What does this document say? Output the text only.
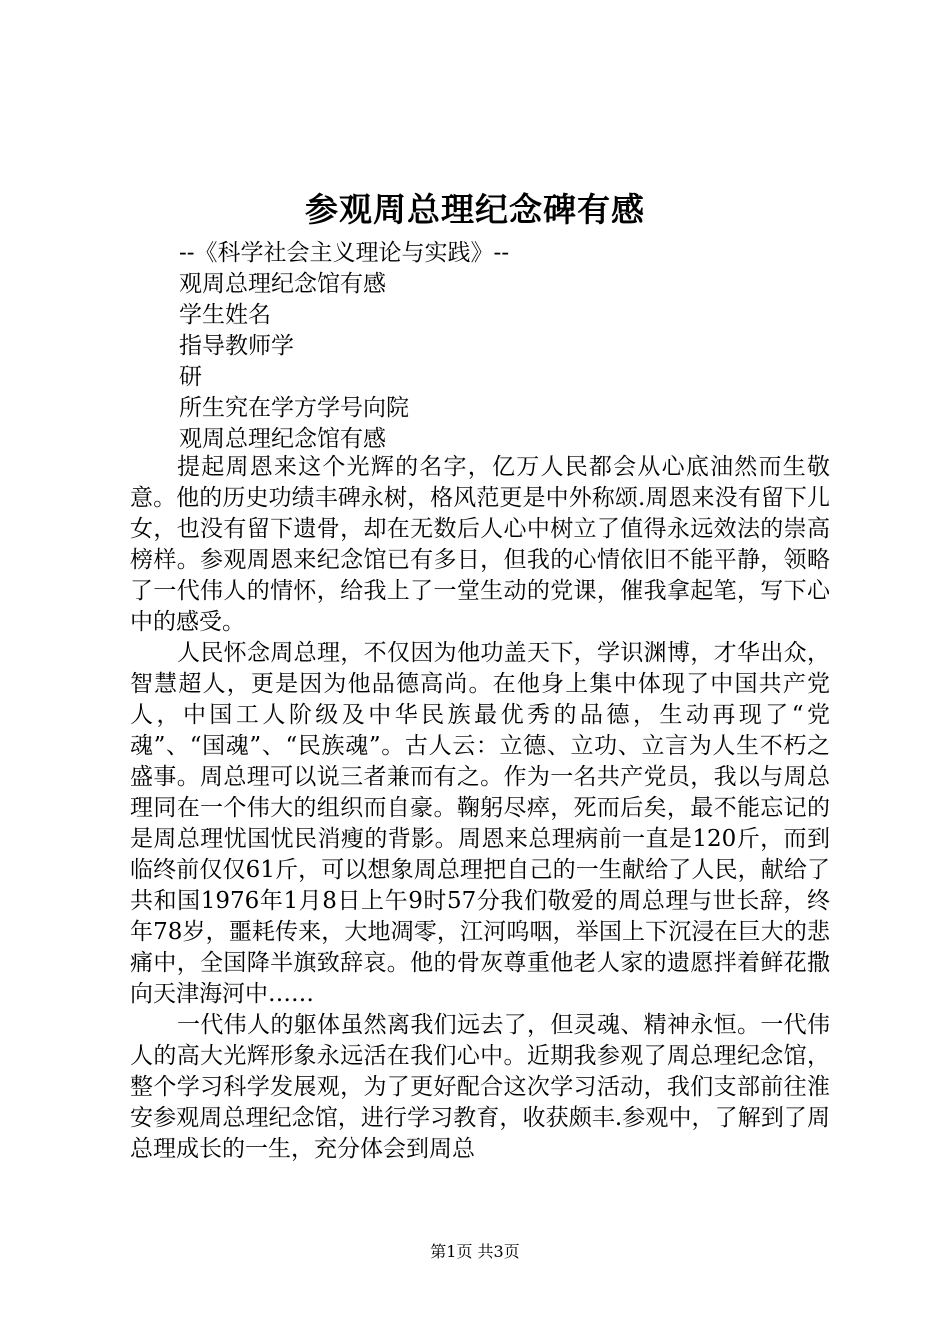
参观周总理纪念碑有感
--《科学社会主义理论与实践》--
观周总理纪念馆有感
学生姓名
指导教师学
研
所生究在学方学号向院
观周总理纪念馆有感

提起周恩来这个光辉的名字，亿万人民都会从心底油然而生敬意。他的历史功绩丰碑永树，格风范更是中外称颂.周恩来没有留下儿女，也没有留下遗骨，却在无数后人心中树立了值得永远效法的崇高榜样。参观周恩来纪念馆已有多日，但我的心情依旧不能平静，领略了一代伟人的情怀，给我上了一堂生动的党课，催我拿起笔，写下心中的感受。

人民怀念周总理，不仅因为他功盖天下，学识渊博，才华出众，智慧超人，更是因为他品德高尚。在他身上集中体现了中国共产党人，中国工人阶级及中华民族最优秀的品德，生动再现了“党魂”、“国魂”、“民族魂”。古人云：立德、立功、立言为人生不朽之盛事。周总理可以说三者兼而有之。作为一名共产党员，我以与周总理同在一个伟大的组织而自豪。鞠躬尽瘁，死而后矣，最不能忘记的是周总理忧国忧民消瘦的背影。周恩来总理病前一直是120斤，而到临终前仅仅61斤，可以想象周总理把自己的一生献给了人民，献给了共和国1976年1月8日上午9时57分我们敬爱的周总理与世长辞，终年78岁，噩耗传来，大地凋零，江河呜咽，举国上下沉浸在巨大的悲痛中，全国降半旗致辞哀。他的骨灰尊重他老人家的遗愿拌着鲜花撒向天津海河中……

一代伟人的躯体虽然离我们远去了，但灵魂、精神永恒。一代伟人的高大光辉形象永远活在我们心中。近期我参观了周总理纪念馆，整个学习科学发展观，为了更好配合这次学习活动，我们支部前往淮安参观周总理纪念馆，进行学习教育，收获颇丰.参观中，了解到了周总理成长的一生，充分体会到周总

第1页 共3页
